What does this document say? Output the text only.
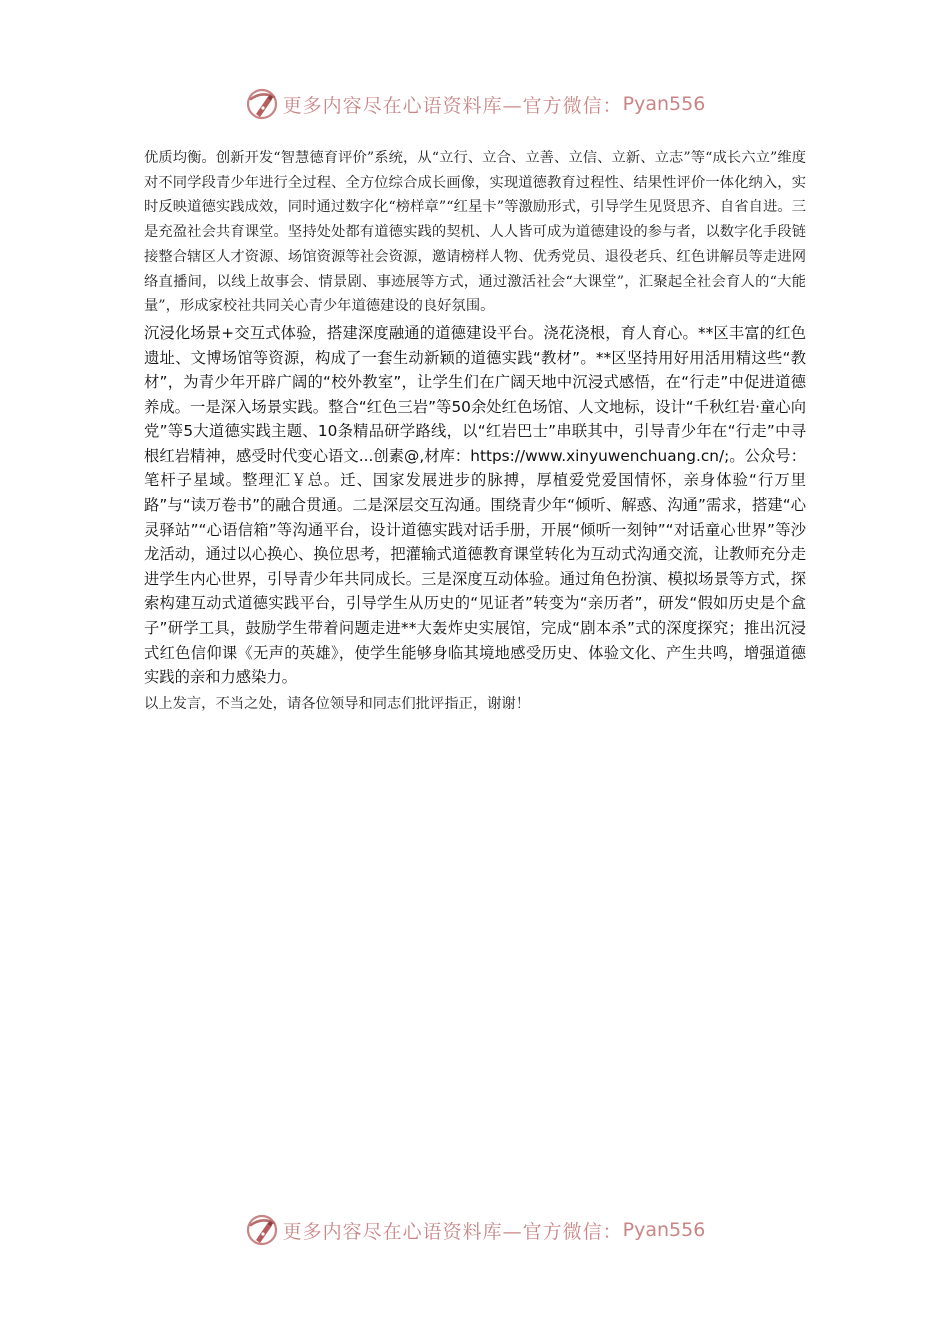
更多内容尽在心语资料库—官方微信： Pyan556

优质均衡。创新开发“智慧德育评价”系统，从“立行、立合、立善、立信、立新、立志”等“成长六立”维度对不同学段青少年进行全过程、全方位综合成长画像，实现道德教育过程性、结果性评价一体化纳入，实时反映道德实践成效，同时通过数字化“榜样章”“红星卡”等激励形式，引导学生见贤思齐、自省自进。三是充盈社会共育课堂。坚持处处都有道德实践的契机、人人皆可成为道德建设的参与者，以数字化手段链接整合辖区人才资源、场馆资源等社会资源，邀请榜样人物、优秀党员、退役老兵、红色讲解员等走进网络直播间，以线上故事会、情景剧、事迹展等方式，通过激活社会“大课堂”，汇聚起全社会育人的“大能量”，形成家校社共同关心青少年道德建设的良好氛围。

沉浸化场景+交互式体验，搭建深度融通的道德建设平台。浇花浇根，育人育心。**区丰富的红色遗址、文博场馆等资源，构成了一套生动新颖的道德实践“教材”。**区坚持用好用活用精这些“教材”，为青少年开辟广阔的“校外教室”，让学生们在广阔天地中沉浸式感悟，在“行走”中促进道德养成。一是深入场景实践。整合“红色三岩”等50余处红色场馆、人文地标，设计“千秋红岩·童心向党”等5大道德实践主题、10条精品研学路线，以“红岩巴士”串联其中，引导青少年在“行走”中寻根红岩精神，感受时代变心语文...创素@,材库：https://www.xinyuwenchuang.cn/;。公众号：笔杆子星域。整理汇￥总。迁、国家发展进步的脉搏，厚植爱党爱国情怀，亲身体验“行万里路”与“读万卷书”的融合贯通。二是深层交互沟通。围绕青少年“倾听、解惑、沟通”需求，搭建“心灵驿站”“心语信箱”等沟通平台，设计道德实践对话手册，开展“倾听一刻钟”“对话童心世界”等沙龙活动，通过以心换心、换位思考，把灌输式道德教育课堂转化为互动式沟通交流，让教师充分走进学生内心世界，引导青少年共同成长。三是深度互动体验。通过角色扮演、模拟场景等方式，探索构建互动式道德实践平台，引导学生从历史的“见证者”转变为“亲历者”，研发“假如历史是个盒子”研学工具，鼓励学生带着问题走进**大轰炸史实展馆，完成“剧本杀”式的深度探究；推出沉浸式红色信仰课《无声的英雄》，使学生能够身临其境地感受历史、体验文化、产生共鸣，增强道德实践的亲和力感染力。

以上发言，不当之处，请各位领导和同志们批评指正，谢谢！

更多内容尽在心语资料库—官方微信： Pyan556
